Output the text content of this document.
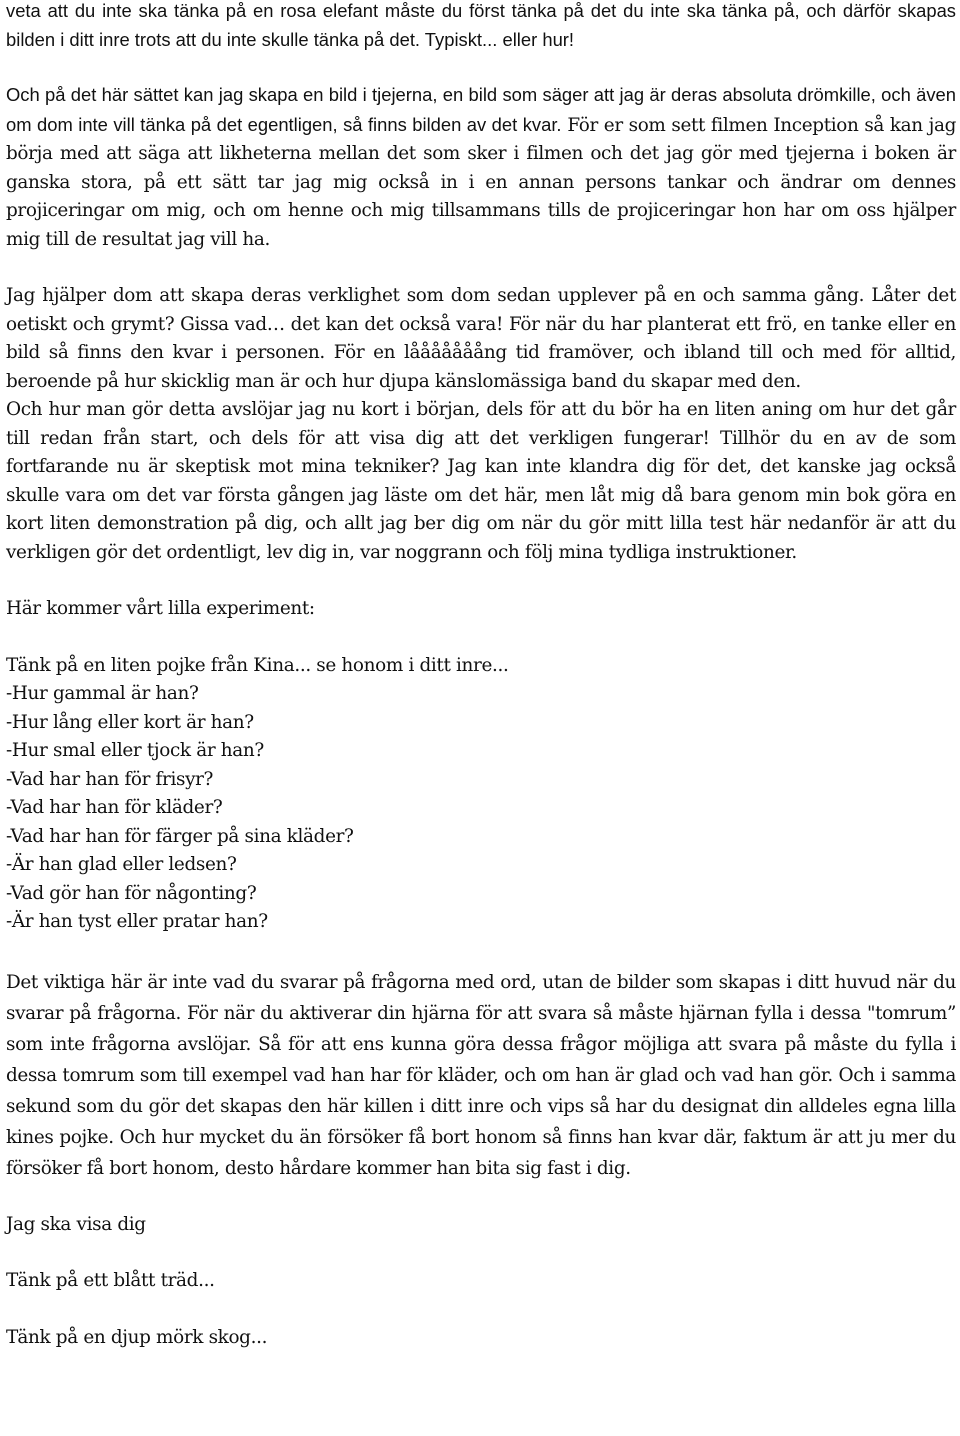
veta att du inte ska tänka på en rosa elefant måste du först tänka på det du inte ska tänka på, och därför skapas bilden i ditt inre trots att du inte skulle tänka på det. Typiskt... eller hur!

Och på det här sättet kan jag skapa en bild i tjejerna, en bild som säger att jag är deras absoluta drömkille, och även om dom inte vill tänka på det egentligen, så finns bilden av det kvar. För er som sett filmen Inception så kan jag börja med att säga att likheterna mellan det som sker i filmen och det jag gör med tjejerna i boken är ganska stora, på ett sätt tar jag mig också in i en annan persons tankar och ändrar om dennes projiceringar om mig, och om henne och mig tillsammans tills de projiceringar hon har om oss hjälper mig till de resultat jag vill ha.

Jag hjälper dom att skapa deras verklighet som dom sedan upplever på en och samma gång. Låter det oetiskt och grymt? Gissa vad… det kan det också vara! För när du har planterat ett frö, en tanke eller en bild så finns den kvar i personen. För en lååååååång tid framöver, och ibland till och med för alltid, beroende på hur skicklig man är och hur djupa känslomässiga band du skapar med den.

Och hur man gör detta avslöjar jag nu kort i början, dels för att du bör ha en liten aning om hur det går till redan från start, och dels för att visa dig att det verkligen fungerar! Tillhör du en av de som fortfarande nu är skeptisk mot mina tekniker? Jag kan inte klandra dig för det, det kanske jag också skulle vara om det var första gången jag läste om det här, men låt mig då bara genom min bok göra en kort liten demonstration på dig, och allt jag ber dig om när du gör mitt lilla test här nedanför är att du verkligen gör det ordentligt, lev dig in, var noggrann och följ mina tydliga instruktioner.

Här kommer vårt lilla experiment:

Tänk på en liten pojke från Kina... se honom i ditt inre...

-Hur gammal är han?

-Hur lång eller kort är han?

-Hur smal eller tjock är han?

-Vad har han för frisyr?

-Vad har han för kläder?

-Vad har han för färger på sina kläder?

-Är han glad eller ledsen?

-Vad gör han för någonting?

-Är han tyst eller pratar han?

Det viktiga här är inte vad du svarar på frågorna med ord, utan de bilder som skapas i ditt huvud när du svarar på frågorna. För när du aktiverar din hjärna för att svara så måste hjärnan fylla i dessa "tomrum” som inte frågorna avslöjar. Så för att ens kunna göra dessa frågor möjliga att svara på måste du fylla i dessa tomrum som till exempel vad han har för kläder, och om han är glad och vad han gör. Och i samma sekund som du gör det skapas den här killen i ditt inre och vips så har du designat din alldeles egna lilla kines pojke. Och hur mycket du än försöker få bort honom så finns han kvar där, faktum är att ju mer du försöker få bort honom, desto hårdare kommer han bita sig fast i dig.

Jag ska visa dig

Tänk på ett blått träd...

Tänk på en djup mörk skog...
